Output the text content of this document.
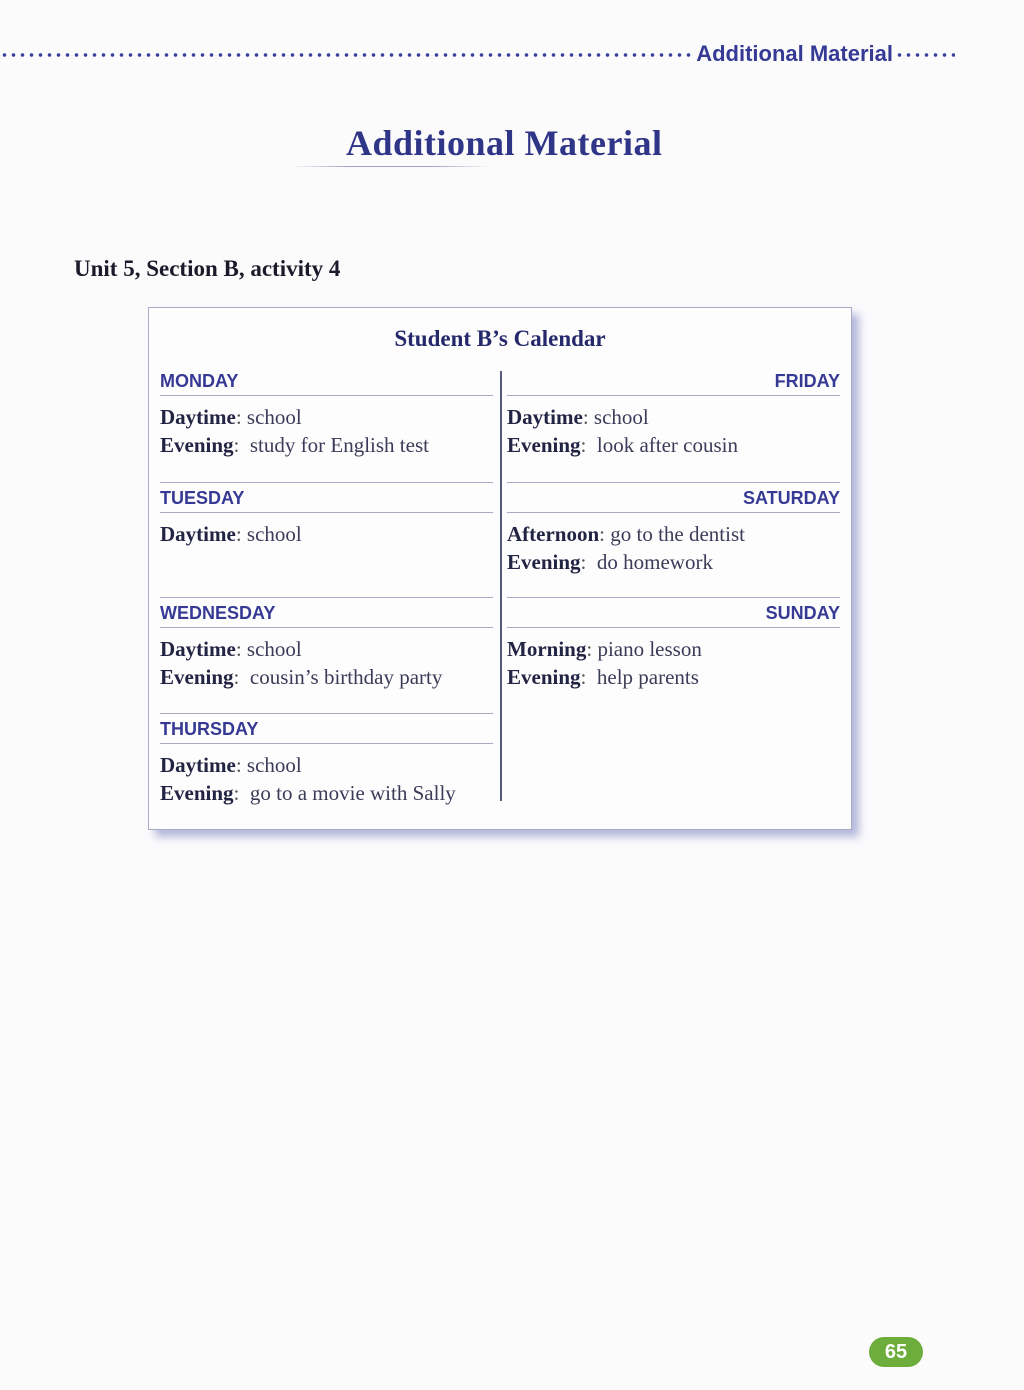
Additional Material
Additional Material
Unit 5, Section B, activity 4
Student B’s Calendar
MONDAY
Daytime: school
Evening:  study for English test
TUESDAY
Daytime: school
WEDNESDAY
Daytime: school
Evening:  cousin’s birthday party
THURSDAY
Daytime: school
Evening:  go to a movie with Sally
FRIDAY
Daytime: school
Evening:  look after cousin
SATURDAY
Afternoon: go to the dentist
Evening:  do homework
SUNDAY
Morning: piano lesson
Evening:  help parents
65
